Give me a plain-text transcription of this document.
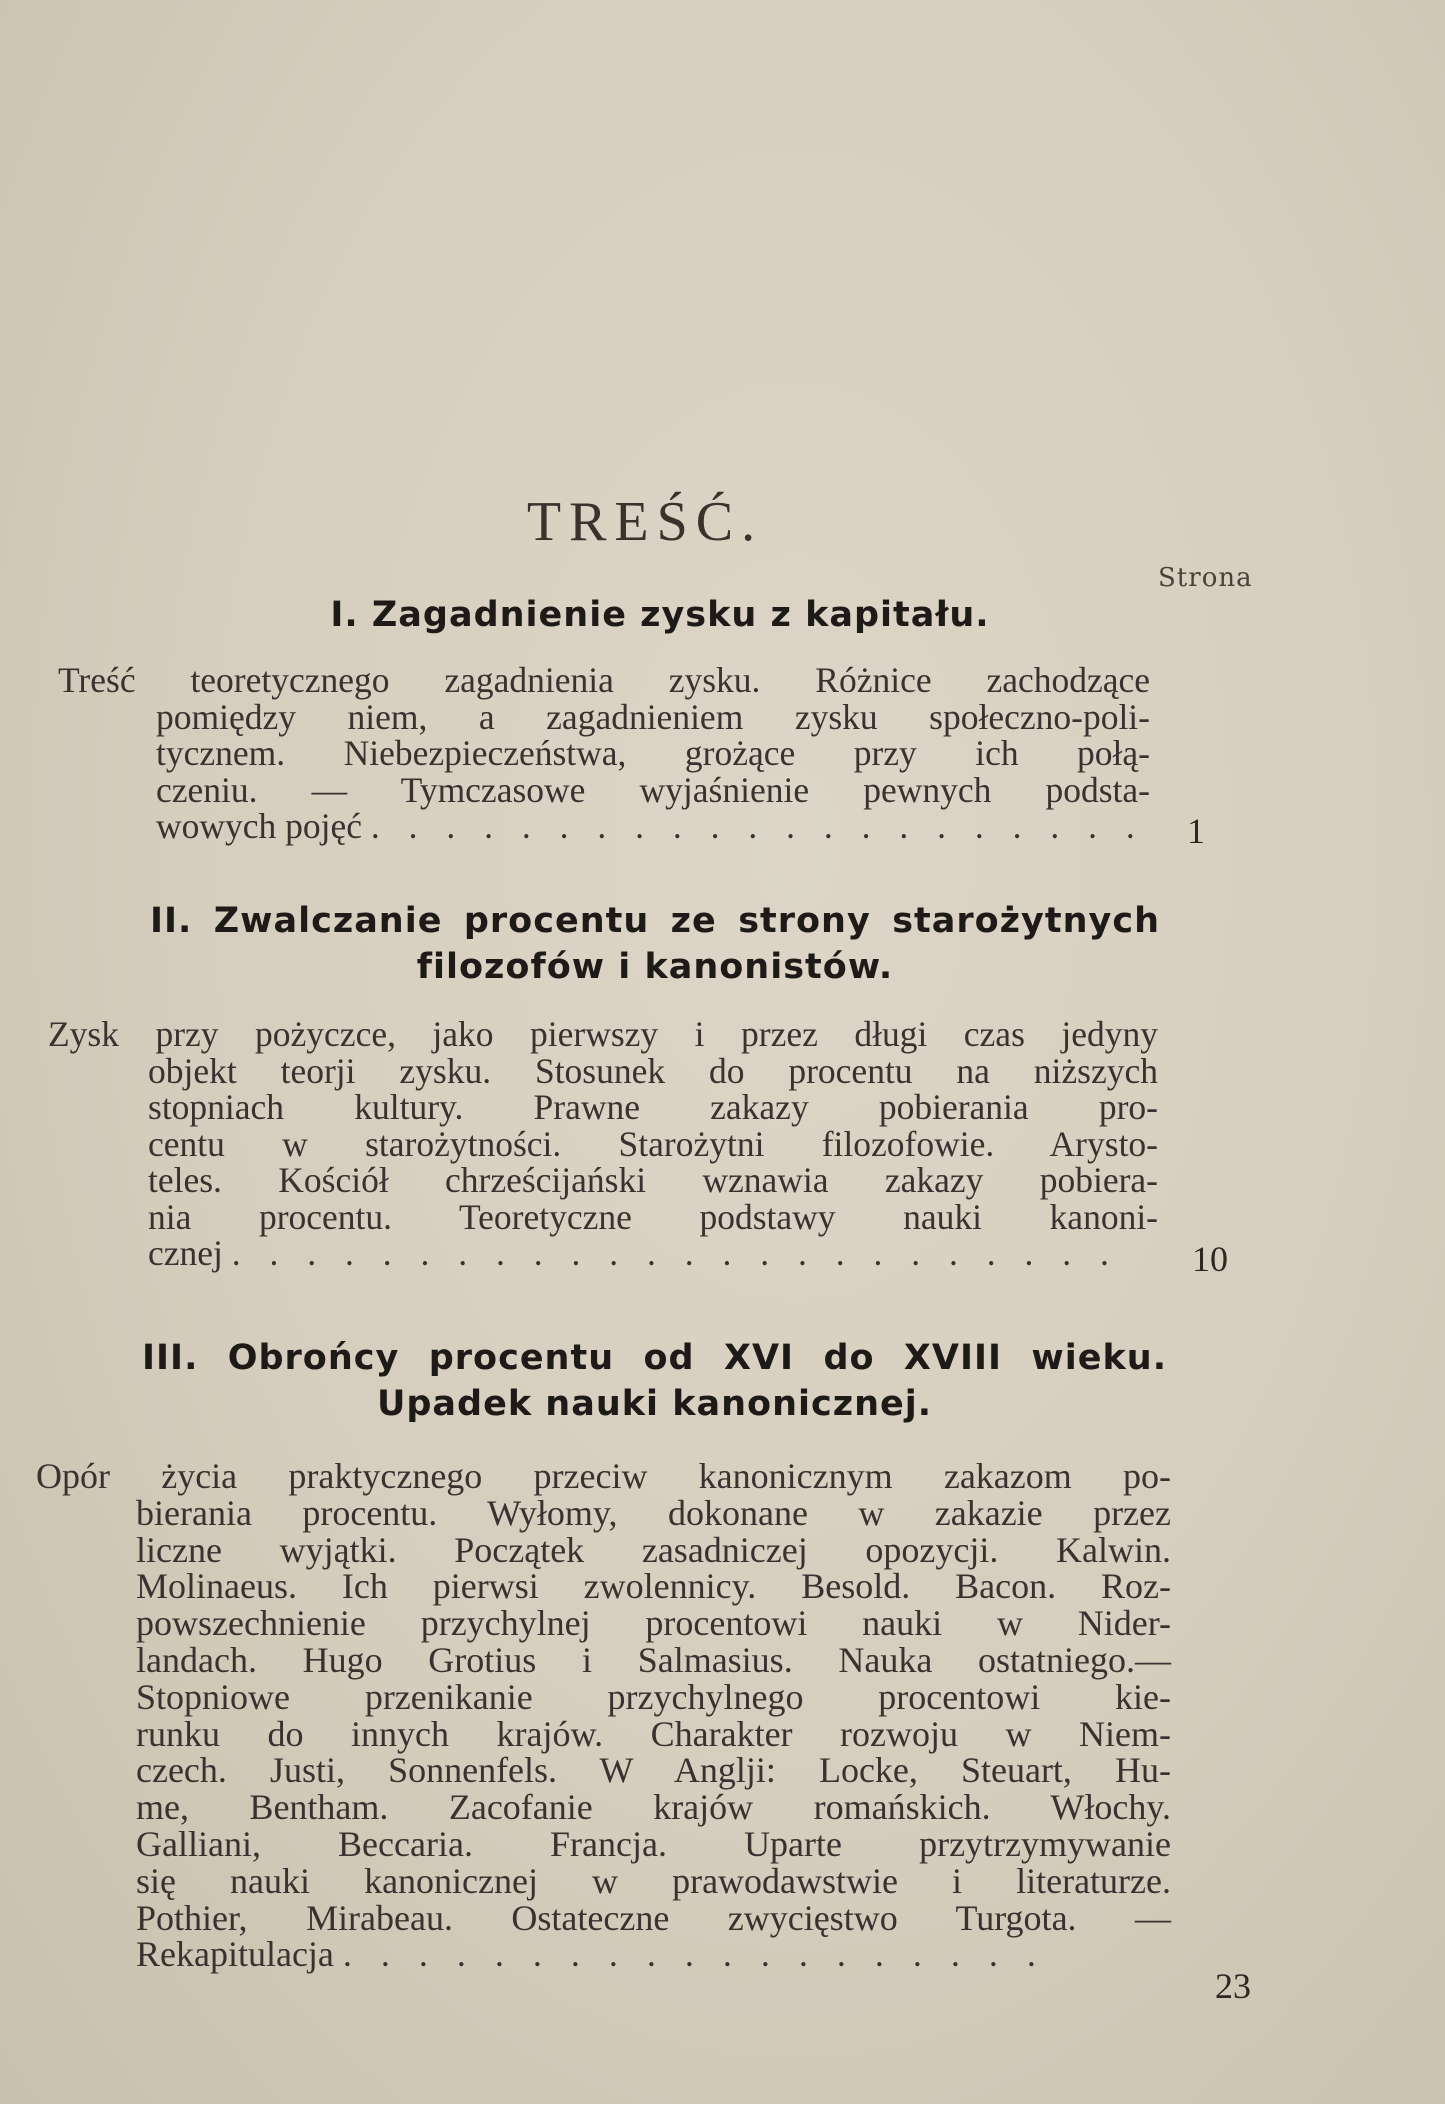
TREŚĆ.
Strona
I. Zagadnienie zysku z kapitału.
Treść teoretycznego zagadnienia zysku. Różnice zachodzące
pomiędzy niem, a zagadnieniem zysku społeczno-poli-
tycznem. Niebezpieczeństwa, grożące przy ich połą-
czeniu. — Tymczasowe wyjaśnienie pewnych podsta-
wowych pojęć . . . . . . . . . . . . . . . . . . . . . 1
II. Zwalczanie procentu ze strony starożytnych
filozofów i kanonistów.
Zysk przy pożyczce, jako pierwszy i przez długi czas jedyny
objekt teorji zysku. Stosunek do procentu na niższych
stopniach kultury. Prawne zakazy pobierania pro-
centu w starożytności. Starożytni filozofowie. Arysto-
teles. Kościół chrześcijański wznawia zakazy pobiera-
nia procentu. Teoretyczne podstawy nauki kanoni-
cznej . . . . . . . . . . . . . . . . . . . . . . . .	10
III. Obrońcy procentu od XVI do XVIII wieku.
Upadek nauki kanonicznej.
Opór życia praktycznego przeciw kanonicznym zakazom po-
bierania procentu. Wyłomy, dokonane w zakazie przez
liczne wyjątki. Początek zasadniczej opozycji. Kalwin.
Molinaeus. Ich pierwsi zwolennicy. Besold. Bacon. Roz-
powszechnienie przychylnej procentowi nauki w Nider-
landach. Hugo Grotius i Salmasius. Nauka ostatniego.—
Stopniowe przenikanie przychylnego procentowi kie-
runku do innych krajów. Charakter rozwoju w Niem-
czech. Justi, Sonnenfels. W Anglji: Locke, Steuart, Hu-
me, Bentham. Zacofanie krajów romańskich. Włochy.
Galliani, Beccaria. Francja. Uparte przytrzymywanie
się nauki kanonicznej w prawodawstwie i literaturze.
Pothier, Mirabeau. Ostateczne zwycięstwo Turgota. —
Rekapitulacja . . . . . . . . . . . . . . . . . . .
23
